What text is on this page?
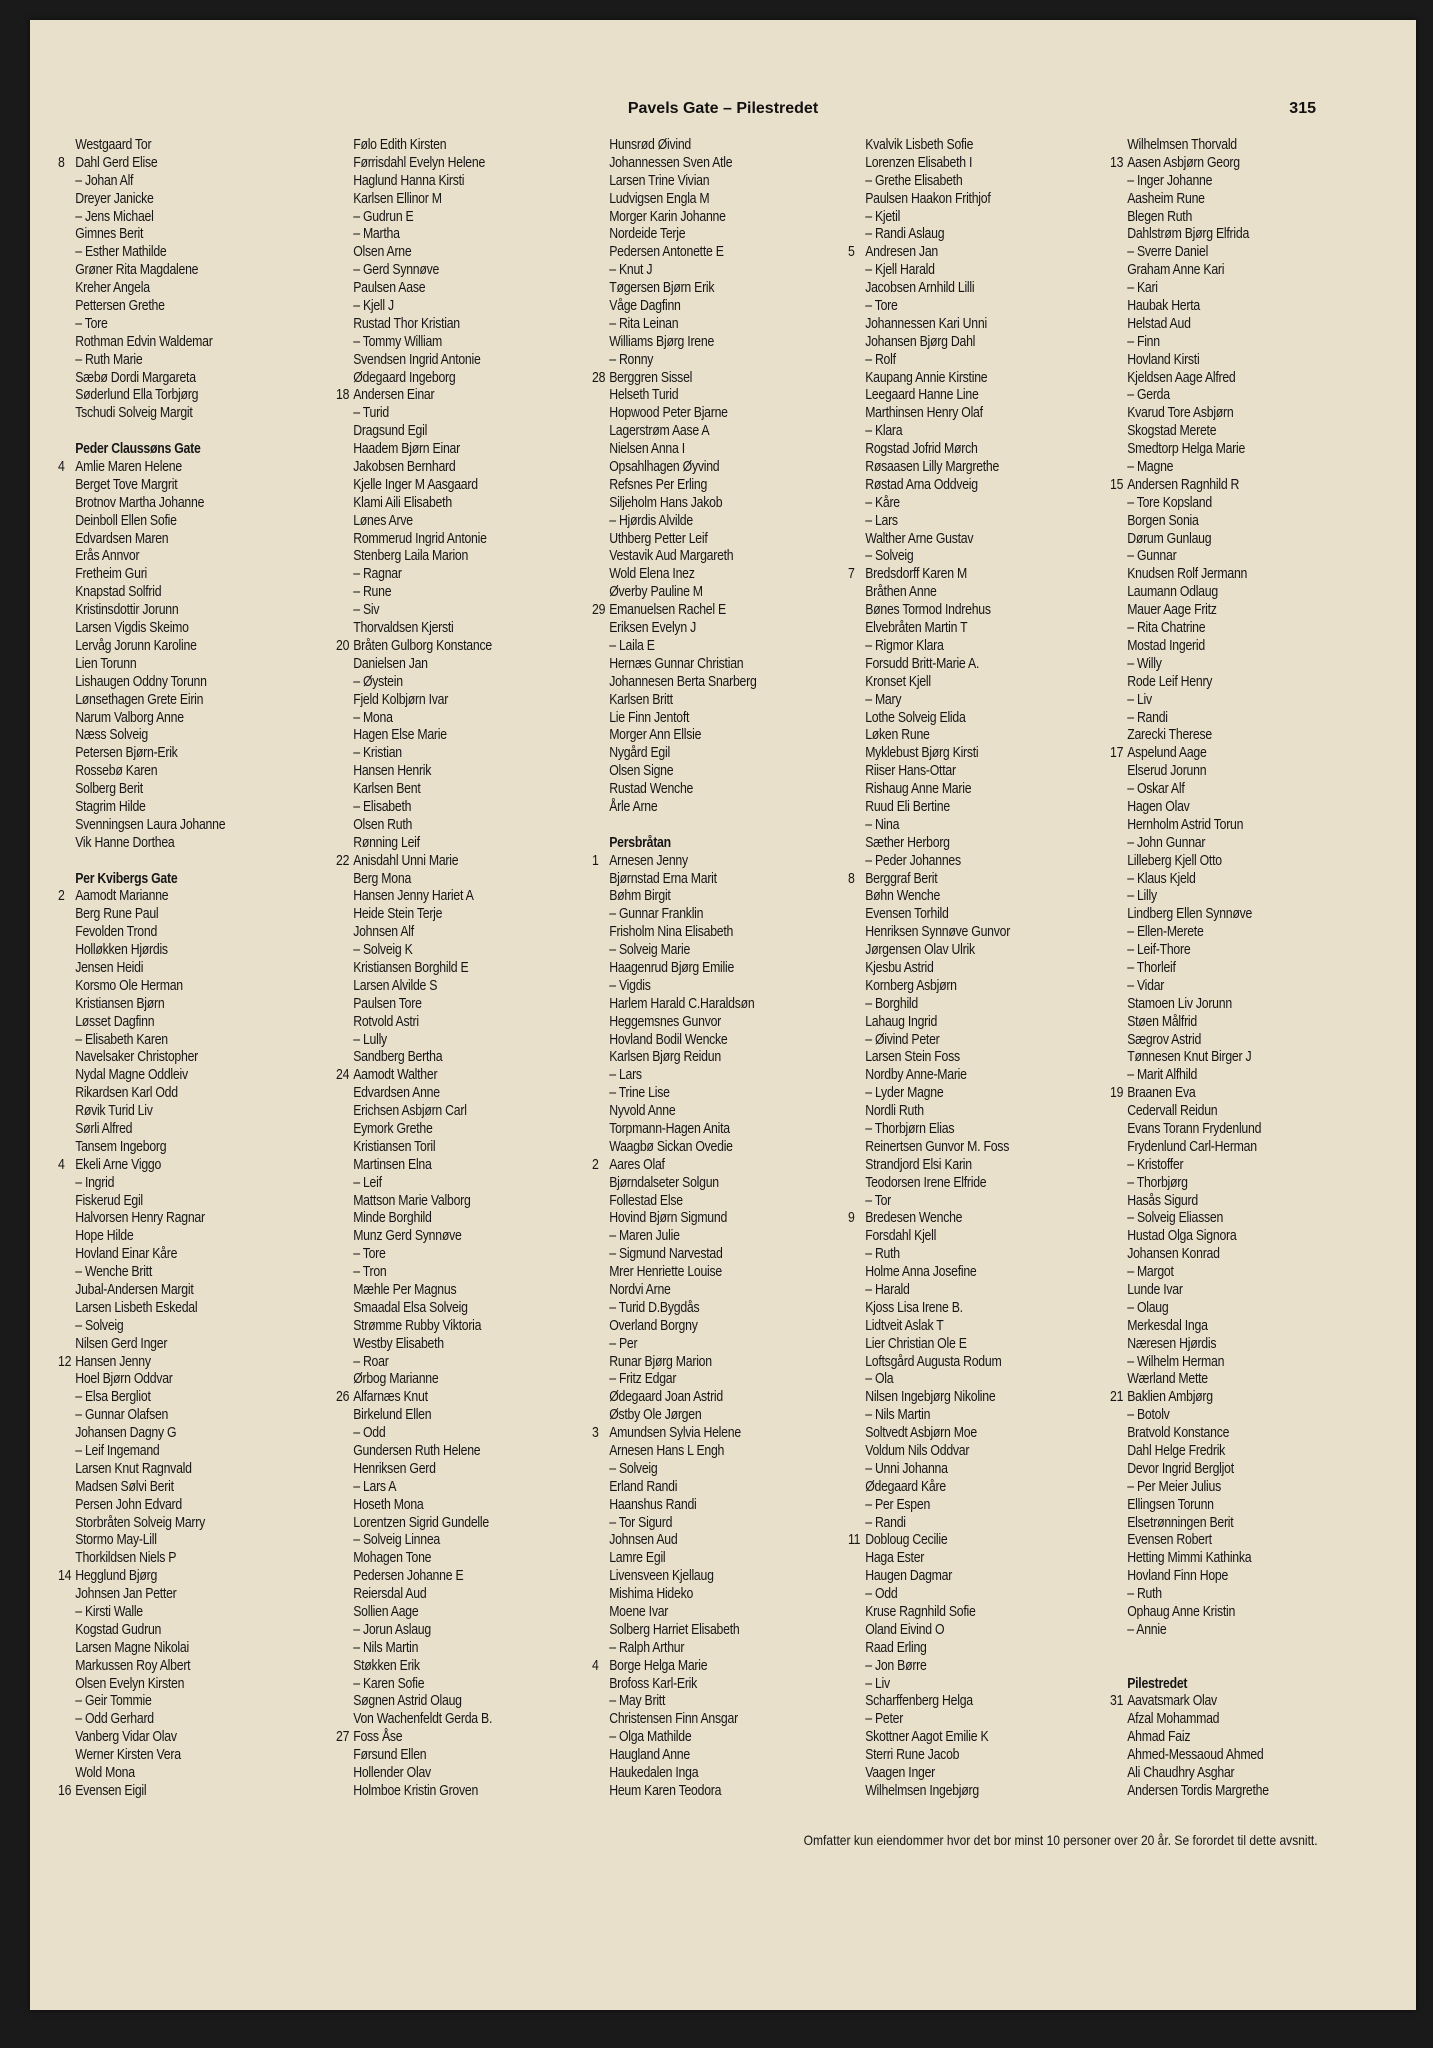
Pavels Gate – Pilestredet	315
Westgaard Tor
8 Dahl Gerd Elise
– Johan Alf
Dreyer Janicke
– Jens Michael
Gimnes Berit
– Esther Mathilde
Grøner Rita Magdalene
Kreher Angela
Pettersen Grethe
– Tore
Rothman Edvin Waldemar
– Ruth Marie
Sæbø Dordi Margareta
Søderlund Ella Torbjørg
Tschudi Solveig Margit
Peder Claussøns Gate
4 Amlie Maren Helene
Berget Tove Margrit
Brotnov Martha Johanne
Deinboll Ellen Sofie
Edvardsen Maren
Erås Annvor
Fretheim Guri
Knapstad Solfrid
Kristinsdottir Jorunn
Larsen Vigdis Skeimo
Lervåg Jorunn Karoline
Lien Torunn
Lishaugen Oddny Torunn
Lønsethagen Grete Eirin
Narum Valborg Anne
Næss Solveig
Petersen Bjørn-Erik
Rossebø Karen
Solberg Berit
Stagrim Hilde
Svenningsen Laura Johanne
Vik Hanne Dorthea
Per Kvibergs Gate
2 Aamodt Marianne
Berg Rune Paul
Fevolden Trond
Holløkken Hjørdis
Jensen Heidi
Korsmo Ole Herman
Kristiansen Bjørn
Løsset Dagfinn
– Elisabeth Karen
Navelsaker Christopher
Nydal Magne Oddleiv
Rikardsen Karl Odd
Røvik Turid Liv
Sørli Alfred
Tansem Ingeborg
4 Ekeli Arne Viggo
– Ingrid
Fiskerud Egil
Halvorsen Henry Ragnar
Hope Hilde
Hovland Einar Kåre
– Wenche Britt
Jubal-Andersen Margit
Larsen Lisbeth Eskedal
– Solveig
Nilsen Gerd Inger
12 Hansen Jenny
Hoel Bjørn Oddvar
– Elsa Bergliot
– Gunnar Olafsen
Johansen Dagny G
– Leif Ingemand
Larsen Knut Ragnvald
Madsen Sølvi Berit
Persen John Edvard
Storbråten Solveig Marry
Stormo May-Lill
Thorkildsen Niels P
14 Hegglund Bjørg
Johnsen Jan Petter
– Kirsti Walle
Kogstad Gudrun
Larsen Magne Nikolai
Markussen Roy Albert
Olsen Evelyn Kirsten
– Geir Tommie
– Odd Gerhard
Vanberg Vidar Olav
Werner Kirsten Vera
Wold Mona
16 Evensen Eigil
Følo Edith Kirsten
Førrisdahl Evelyn Helene
Haglund Hanna Kirsti
Karlsen Ellinor M
– Gudrun E
– Martha
Olsen Arne
– Gerd Synnøve
Paulsen Aase
– Kjell J
Rustad Thor Kristian
– Tommy William
Svendsen Ingrid Antonie
Ødegaard Ingeborg
18 Andersen Einar
– Turid
Dragsund Egil
Haadem Bjørn Einar
Jakobsen Bernhard
Kjelle Inger M Aasgaard
Klami Aili Elisabeth
Lønes Arve
Rommerud Ingrid Antonie
Stenberg Laila Marion
– Ragnar
– Rune
– Siv
Thorvaldsen Kjersti
20 Bråten Gulborg Konstance
Danielsen Jan
– Øystein
Fjeld Kolbjørn Ivar
– Mona
Hagen Else Marie
– Kristian
Hansen Henrik
Karlsen Bent
– Elisabeth
Olsen Ruth
Rønning Leif
22 Anisdahl Unni Marie
Berg Mona
Hansen Jenny Hariet A
Heide Stein Terje
Johnsen Alf
– Solveig K
Kristiansen Borghild E
Larsen Alvilde S
Paulsen Tore
Rotvold Astri
– Lully
Sandberg Bertha
24 Aamodt Walther
Edvardsen Anne
Erichsen Asbjørn Carl
Eymork Grethe
Kristiansen Toril
Martinsen Elna
– Leif
Mattson Marie Valborg
Minde Borghild
Munz Gerd Synnøve
– Tore
– Tron
Mæhle Per Magnus
Smaadal Elsa Solveig
Strømme Rubby Viktoria
Westby Elisabeth
– Roar
Ørbog Marianne
26 Alfarnæs Knut
Birkelund Ellen
– Odd
Gundersen Ruth Helene
Henriksen Gerd
– Lars A
Hoseth Mona
Lorentzen Sigrid Gundelle
– Solveig Linnea
Mohagen Tone
Pedersen Johanne E
Reiersdal Aud
Sollien Aage
– Jorun Aslaug
– Nils Martin
Støkken Erik
– Karen Sofie
Søgnen Astrid Olaug
Von Wachenfeldt Gerda B.
27 Foss Åse
Førsund Ellen
Hollender Olav
Holmboe Kristin Groven
Hunsrød Øivind
Johannessen Sven Atle
Larsen Trine Vivian
Ludvigsen Engla M
Morger Karin Johanne
Nordeide Terje
Pedersen Antonette E
– Knut J
Tøgersen Bjørn Erik
Våge Dagfinn
– Rita Leinan
Williams Bjørg Irene
– Ronny
28 Berggren Sissel
Helseth Turid
Hopwood Peter Bjarne
Lagerstrøm Aase A
Nielsen Anna I
Opsahlhagen Øyvind
Refsnes Per Erling
Siljeholm Hans Jakob
– Hjørdis Alvilde
Uthberg Petter Leif
Vestavik Aud Margareth
Wold Elena Inez
Øverby Pauline M
29 Emanuelsen Rachel E
Eriksen Evelyn J
– Laila E
Hernæs Gunnar Christian
Johannesen Berta Snarberg
Karlsen Britt
Lie Finn Jentoft
Morger Ann Ellsie
Nygård Egil
Olsen Signe
Rustad Wenche
Årle Arne
Persbråtan
1 Arnesen Jenny
Bjørnstad Erna Marit
Bøhm Birgit
– Gunnar Franklin
Frisholm Nina Elisabeth
– Solveig Marie
Haagenrud Bjørg Emilie
– Vigdis
Harlem Harald C.Haraldsøn
Heggemsnes Gunvor
Hovland Bodil Wencke
Karlsen Bjørg Reidun
– Lars
– Trine Lise
Nyvold Anne
Torpmann-Hagen Anita
Waagbø Sickan Ovedie
2 Aares Olaf
Bjørndalseter Solgun
Follestad Else
Hovind Bjørn Sigmund
– Maren Julie
– Sigmund Narvestad
Mrer Henriette Louise
Nordvi Arne
– Turid D.Bygdås
Overland Borgny
– Per
Runar Bjørg Marion
– Fritz Edgar
Ødegaard Joan Astrid
Østby Ole Jørgen
3 Amundsen Sylvia Helene
Arnesen Hans L Engh
– Solveig
Erland Randi
Haanshus Randi
– Tor Sigurd
Johnsen Aud
Lamre Egil
Livensveen Kjellaug
Mishima Hideko
Moene Ivar
Solberg Harriet Elisabeth
– Ralph Arthur
4 Borge Helga Marie
Brofoss Karl-Erik
– May Britt
Christensen Finn Ansgar
– Olga Mathilde
Haugland Anne
Haukedalen Inga
Heum Karen Teodora
Kvalvik Lisbeth Sofie
Lorenzen Elisabeth I
– Grethe Elisabeth
Paulsen Haakon Frithjof
– Kjetil
– Randi Aslaug
5 Andresen Jan
– Kjell Harald
Jacobsen Arnhild Lilli
– Tore
Johannessen Kari Unni
Johansen Bjørg Dahl
– Rolf
Kaupang Annie Kirstine
Leegaard Hanne Line
Marthinsen Henry Olaf
– Klara
Rogstad Jofrid Mørch
Røsaasen Lilly Margrethe
Røstad Arna Oddveig
– Kåre
– Lars
Walther Arne Gustav
– Solveig
7 Bredsdorff Karen M
Bråthen Anne
Bønes Tormod Indrehus
Elvebråten Martin T
– Rigmor Klara
Forsudd Britt-Marie A.
Kronset Kjell
– Mary
Lothe Solveig Elida
Løken Rune
Myklebust Bjørg Kirsti
Riiser Hans-Ottar
Rishaug Anne Marie
Ruud Eli Bertine
– Nina
Sæther Herborg
– Peder Johannes
8 Berggraf Berit
Bøhn Wenche
Evensen Torhild
Henriksen Synnøve Gunvor
Jørgensen Olav Ulrik
Kjesbu Astrid
Kornberg Asbjørn
– Borghild
Lahaug Ingrid
– Øivind Peter
Larsen Stein Foss
Nordby Anne-Marie
– Lyder Magne
Nordli Ruth
– Thorbjørn Elias
Reinertsen Gunvor M. Foss
Strandjord Elsi Karin
Teodorsen Irene Elfride
– Tor
9 Bredesen Wenche
Forsdahl Kjell
– Ruth
Holme Anna Josefine
– Harald
Kjoss Lisa Irene B.
Lidtveit Aslak T
Lier Christian Ole E
Loftsgård Augusta Rodum
– Ola
Nilsen Ingebjørg Nikoline
– Nils Martin
Soltvedt Asbjørn Moe
Voldum Nils Oddvar
– Unni Johanna
Ødegaard Kåre
– Per Espen
– Randi
11 Dobloug Cecilie
Haga Ester
Haugen Dagmar
– Odd
Kruse Ragnhild Sofie
Oland Eivind O
Raad Erling
– Jon Børre
– Liv
Scharffenberg Helga
– Peter
Skottner Aagot Emilie K
Sterri Rune Jacob
Vaagen Inger
Wilhelmsen Ingebjørg
Wilhelmsen Thorvald
13 Aasen Asbjørn Georg
– Inger Johanne
Aasheim Rune
Blegen Ruth
Dahlstrøm Bjørg Elfrida
– Sverre Daniel
Graham Anne Kari
– Kari
Haubak Herta
Helstad Aud
– Finn
Hovland Kirsti
Kjeldsen Aage Alfred
– Gerda
Kvarud Tore Asbjørn
Skogstad Merete
Smedtorp Helga Marie
– Magne
15 Andersen Ragnhild R
– Tore Kopsland
Borgen Sonia
Dørum Gunlaug
– Gunnar
Knudsen Rolf Jermann
Laumann Odlaug
Mauer Aage Fritz
– Rita Chatrine
Mostad Ingerid
– Willy
Rode Leif Henry
– Liv
– Randi
Zarecki Therese
17 Aspelund Aage
Elserud Jorunn
– Oskar Alf
Hagen Olav
Hernholm Astrid Torun
– John Gunnar
Lilleberg Kjell Otto
– Klaus Kjeld
– Lilly
Lindberg Ellen Synnøve
– Ellen-Merete
– Leif-Thore
– Thorleif
– Vidar
Stamoen Liv Jorunn
Støen Målfrid
Sægrov Astrid
Tønnesen Knut Birger J
– Marit Alfhild
19 Braanen Eva
Cedervall Reidun
Evans Torann Frydenlund
Frydenlund Carl-Herman
– Kristoffer
– Thorbjørg
Hasås Sigurd
– Solveig Eliassen
Hustad Olga Signora
Johansen Konrad
– Margot
Lunde Ivar
– Olaug
Merkesdal Inga
Næresen Hjørdis
– Wilhelm Herman
Wærland Mette
21 Baklien Ambjørg
– Botolv
Bratvold Konstance
Dahl Helge Fredrik
Devor Ingrid Bergljot
– Per Meier Julius
Ellingsen Torunn
Elsetrønningen Berit
Evensen Robert
Hetting Mimmi Kathinka
Hovland Finn Hope
– Ruth
Ophaug Anne Kristin
– Annie
Pilestredet
31 Aavatsmark Olav
Afzal Mohammad
Ahmad Faiz
Ahmed-Messaoud Ahmed
Ali Chaudhry Asghar
Andersen Tordis Margrethe
Omfatter kun eiendommer hvor det bor minst 10 personer over 20 år. Se forordet til dette avsnitt.
